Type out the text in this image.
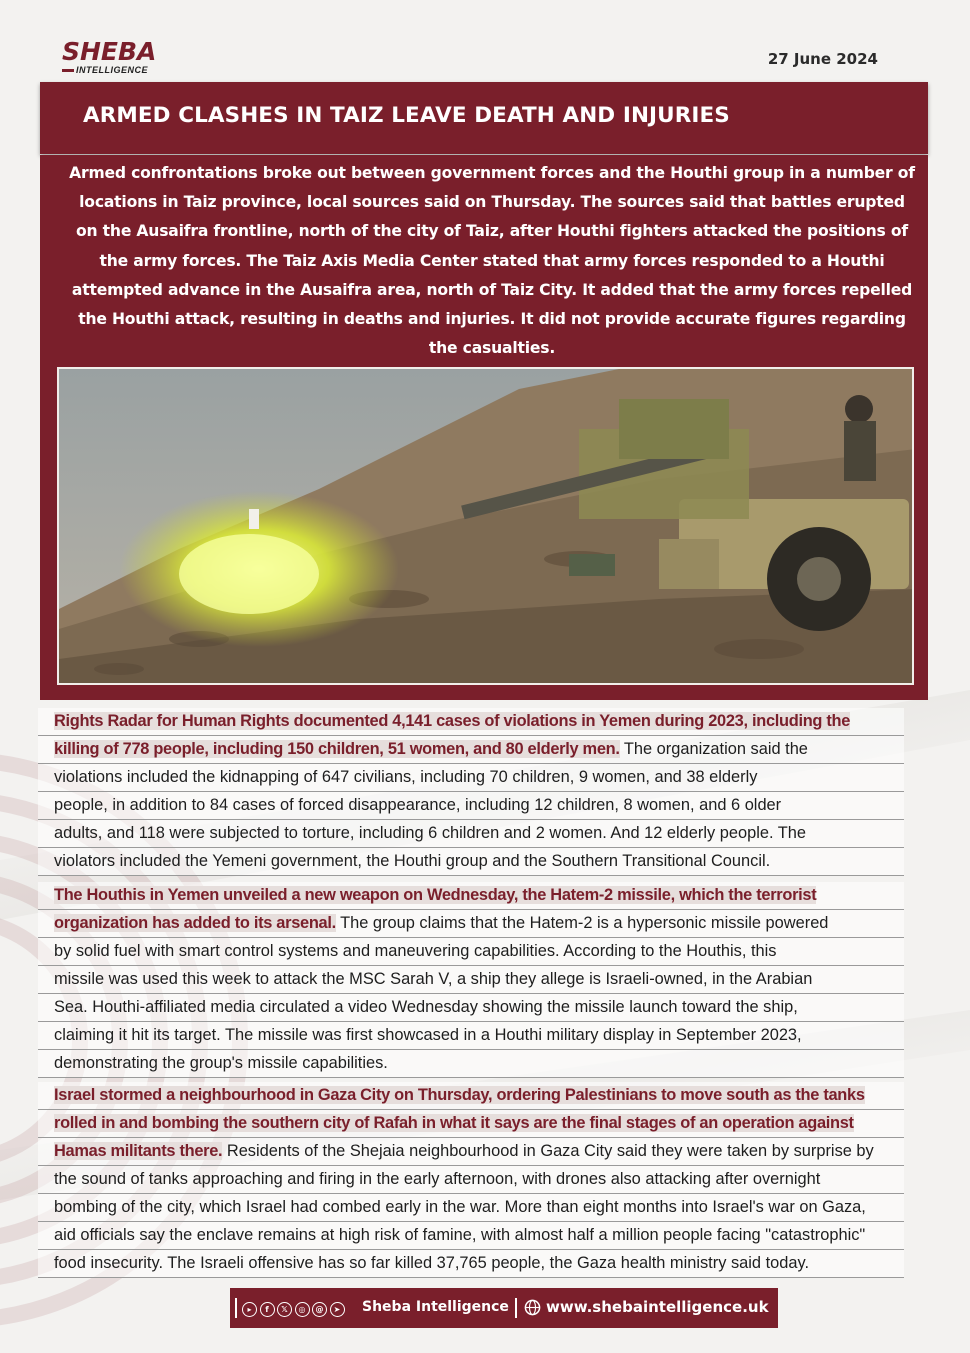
SHEBA
INTELLIGENCE
27 June 2024
ARMED CLASHES IN TAIZ LEAVE DEATH AND INJURIES
Armed confrontations broke out between government forces and the Houthi group in a number of locations in Taiz province, local sources said on Thursday. The sources said that battles erupted on the Ausaifra frontline, north of the city of Taiz, after Houthi fighters attacked the positions of the army forces. The Taiz Axis Media Center stated that army forces responded to a Houthi attempted advance in the Ausaifra area, north of Taiz City. It added that the army forces repelled the Houthi attack, resulting in deaths and injuries. It did not provide accurate figures regarding the casualties.
Rights Radar for Human Rights documented 4,141 cases of violations in Yemen during 2023, including the
killing of 778 people, including 150 children, 51 women, and 80 elderly men. The organization said the
violations included the kidnapping of 647 civilians, including 70 children, 9 women, and 38 elderly
people, in addition to 84 cases of forced disappearance, including 12 children, 8 women, and 6 older
adults, and 118 were subjected to torture, including 6 children and 2 women. And 12 elderly people. The
violators included the Yemeni government, the Houthi group and the Southern Transitional Council.
The Houthis in Yemen unveiled a new weapon on Wednesday, the Hatem-2 missile, which the terrorist
organization has added to its arsenal. The group claims that the Hatem-2 is a hypersonic missile powered
by solid fuel with smart control systems and maneuvering capabilities. According to the Houthis, this
missile was used this week to attack the MSC Sarah V, a ship they allege is Israeli-owned, in the Arabian
Sea. Houthi-affiliated media circulated a video Wednesday showing the missile launch toward the ship,
claiming it hit its target. The missile was first showcased in a Houthi military display in September 2023,
demonstrating the group's missile capabilities.
Israel stormed a neighbourhood in Gaza City on Thursday, ordering Palestinians to move south as the tanks
rolled in and bombing the southern city of Rafah in what it says are the final stages of an operation against
Hamas militants there. Residents of the Shejaia neighbourhood in Gaza City said they were taken by surprise by
the sound of tanks approaching and firing in the early afternoon, with drones also attacking after overnight
bombing of the city, which Israel had combed early in the war. More than eight months into Israel's war on Gaza,
aid officials say the enclave remains at high risk of famine, with almost half a million people facing "catastrophic"
food insecurity. The Israeli offensive has so far killed 37,765 people, the Gaza health ministry said today.
▸ f 𝕏 ◎ @ ➤	Sheba Intelligence www.shebaintelligence.uk
